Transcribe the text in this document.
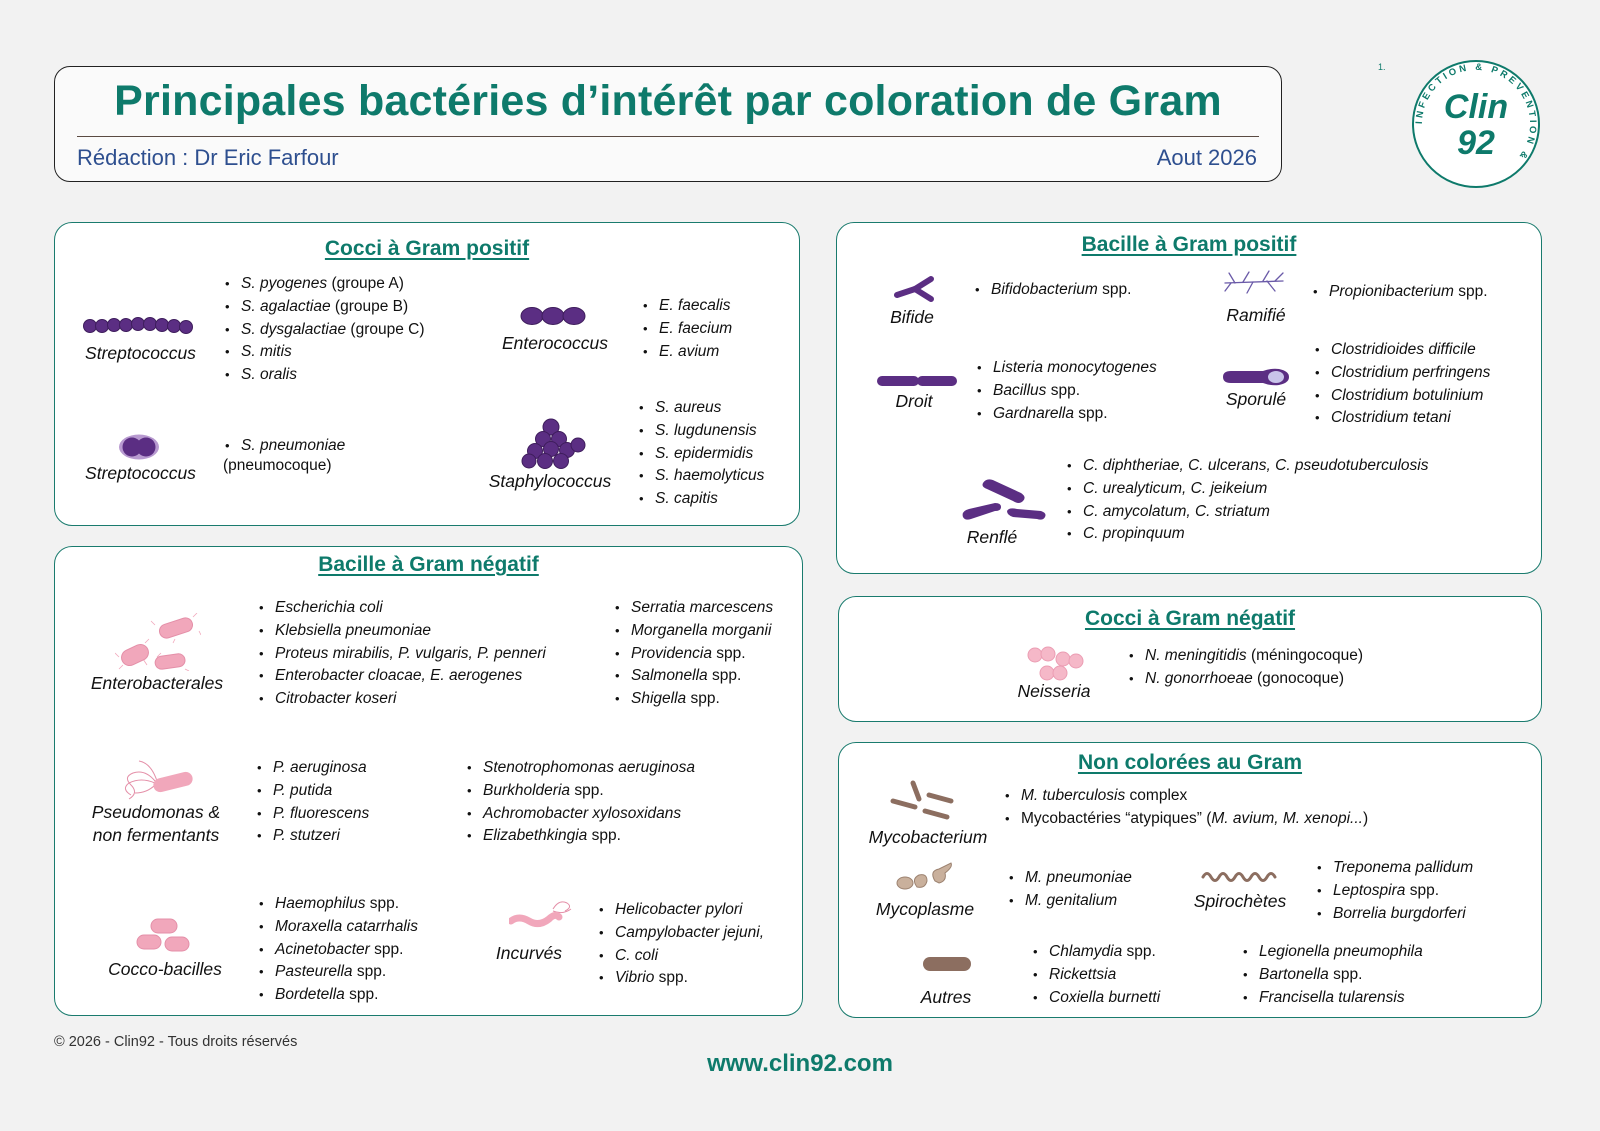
Principales bactéries d’intérêt par coloration de Gram
Rédaction : Dr Eric Farfour	Aout 2026
INFECTION & PREVENTION &
Clin
92
1.
Cocci à Gram positif
Streptococcus
• S. pyogenes (groupe A)
• S. agalactiae (groupe B)
• S. dysgalactiae (groupe C)
• S. mitis
• S. oralis
Enterococcus
• E. faecalis
• E. faecium
• E. avium
Streptococcus
• S. pneumoniae
(pneumocoque)
Staphylococcus
• S. aureus
• S. lugdunensis
• S. epidermidis
• S. haemolyticus
• S. capitis
Bacille à Gram positif
Bifide
• Bifidobacterium spp.
Ramifié
• Propionibacterium spp.
Droit
• Listeria monocytogenes
• Bacillus spp.
• Gardnarella spp.
Sporulé
• Clostridioides difficile
• Clostridium perfringens
• Clostridium botulinium
• Clostridium tetani
Renflé
• C. diphtheriae, C. ulcerans, C. pseudotuberculosis
• C. urealyticum, C. jeikeium
• C. amycolatum, C. striatum
• C. propinquum
Bacille à Gram négatif
Enterobacterales
• Escherichia coli
• Klebsiella pneumoniae
• Proteus mirabilis, P. vulgaris, P. penneri
• Enterobacter cloacae, E. aerogenes
• Citrobacter koseri
• Serratia marcescens
• Morganella morganii
• Providencia spp.
• Salmonella spp.
• Shigella spp.
Pseudomonas &
non fermentants
• P. aeruginosa
• P. putida
• P. fluorescens
• P. stutzeri
• Stenotrophomonas aeruginosa
• Burkholderia spp.
• Achromobacter xylosoxidans
• Elizabethkingia spp.
Cocco-bacilles
• Haemophilus spp.
• Moraxella catarrhalis
• Acinetobacter spp.
• Pasteurella spp.
• Bordetella spp.
Incurvés
• Helicobacter pylori
• Campylobacter jejuni,
• C. coli
• Vibrio spp.
Cocci à Gram négatif
Neisseria
• N. meningitidis (méningocoque)
• N. gonorrhoeae (gonocoque)
Non colorées au Gram
Mycobacterium
• M. tuberculosis complex
• Mycobactéries “atypiques” (M. avium, M. xenopi...)
Mycoplasme
• M. pneumoniae
• M. genitalium	Spirochètes
• Treponema pallidum
• Leptospira spp.
• Borrelia burgdorferi
Autres
• Chlamydia spp.
• Rickettsia
• Coxiella burnetti
• Legionella pneumophila
• Bartonella spp.
• Francisella tularensis
© 2026 - Clin92 - Tous droits réservés
www.clin92.com
